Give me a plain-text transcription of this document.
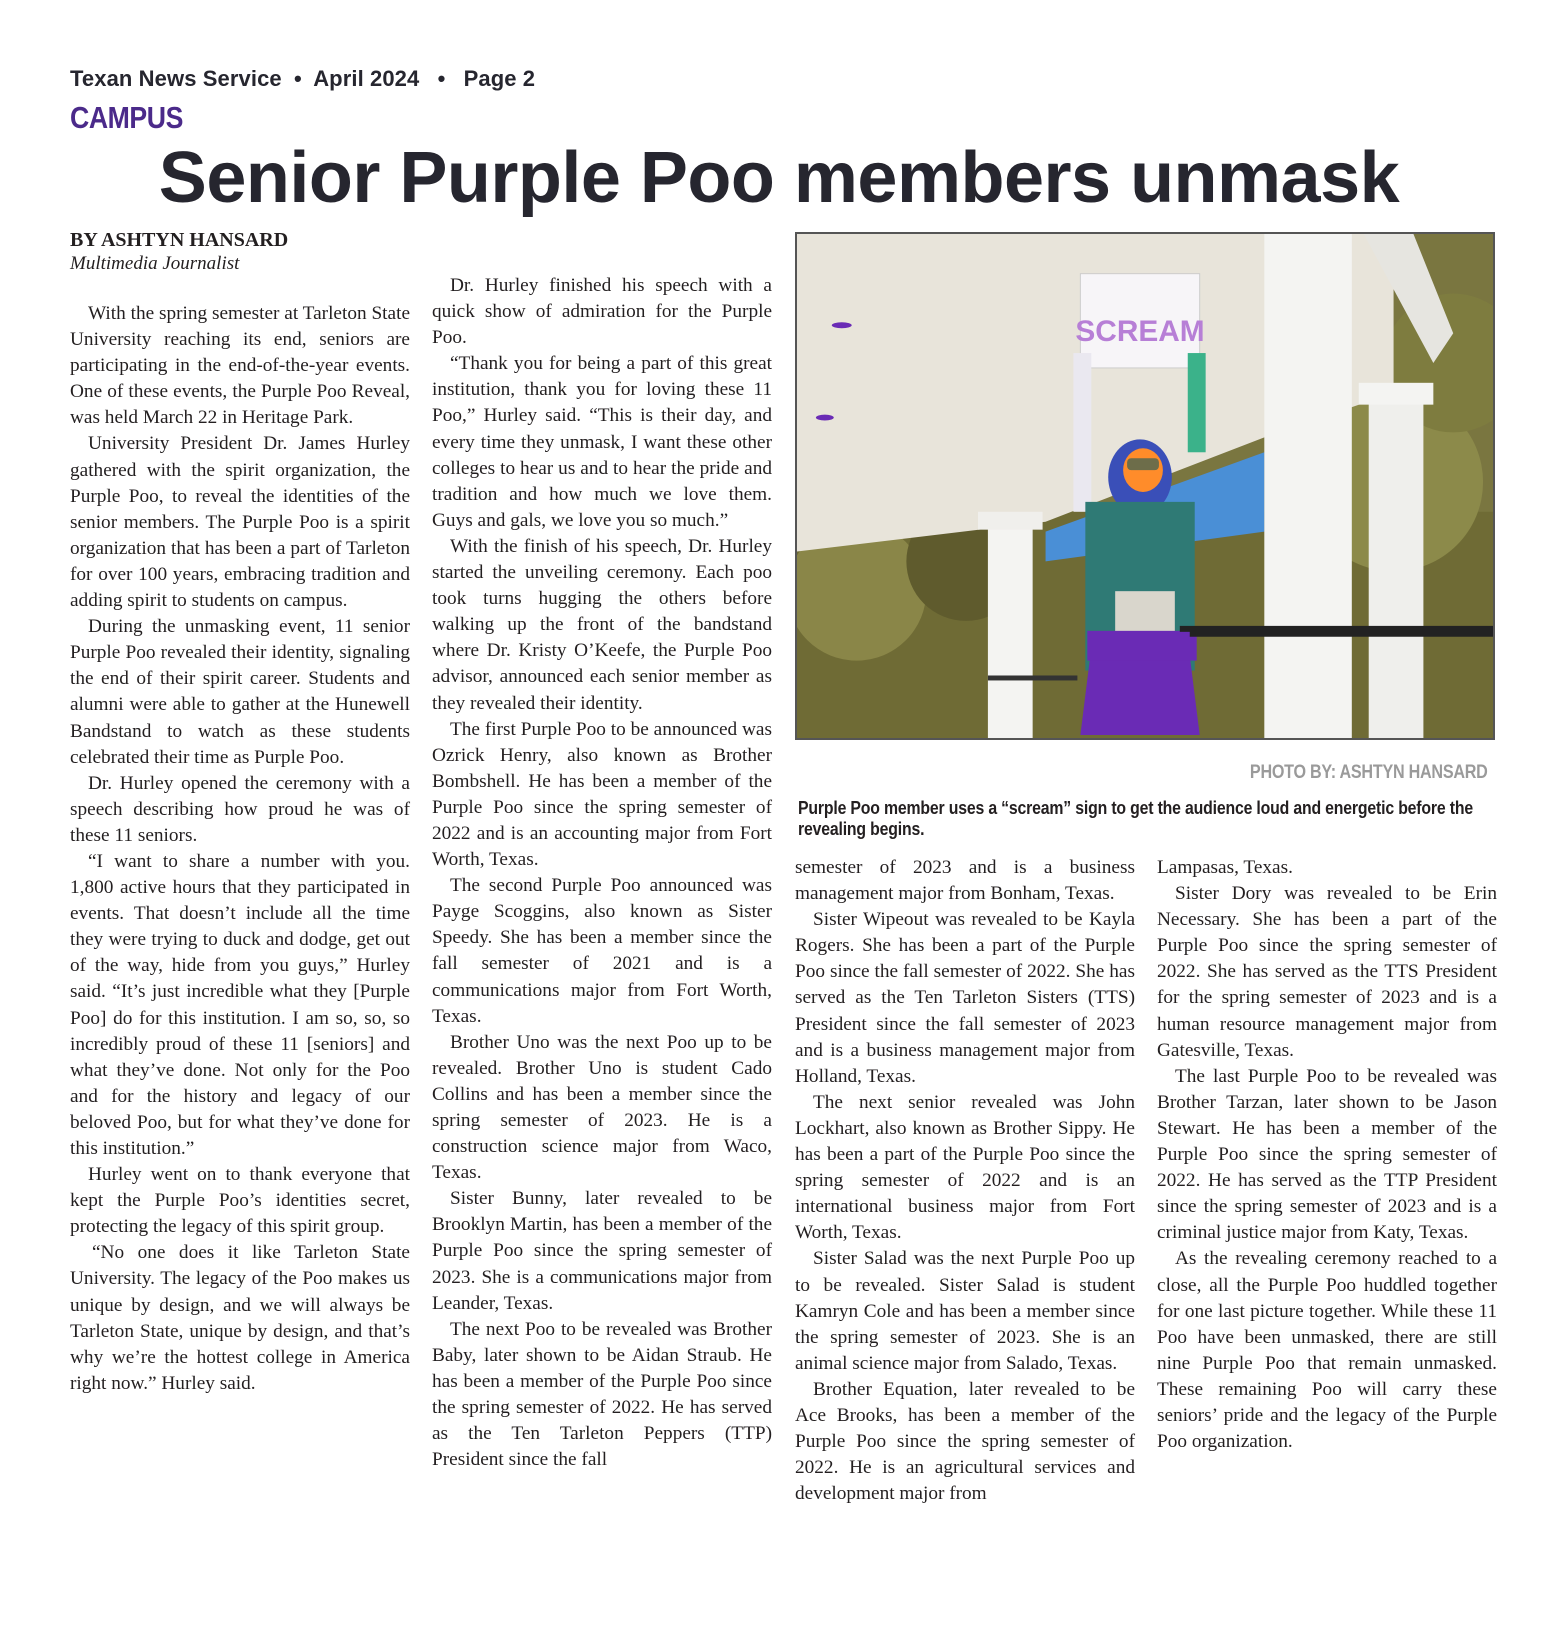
Texan News Service • April 2024 • Page 2
CAMPUS
Senior Purple Poo members unmask
BY ASHTYN HANSARD
Multimedia Journalist

With the spring semester at Tarleton State University reaching its end, seniors are participating in the end-of-the-year events. One of these events, the Purple Poo Reveal, was held March 22 in Heritage Park.

University President Dr. James Hurley gathered with the spirit organization, the Purple Poo, to reveal the identities of the senior members. The Purple Poo is a spirit organization that has been a part of Tarleton for over 100 years, embracing tradition and adding spirit to students on campus.

During the unmasking event, 11 senior Purple Poo revealed their identity, signaling the end of their spirit career. Students and alumni were able to gather at the Hunewell Bandstand to watch as these students celebrated their time as Purple Poo.

Dr. Hurley opened the ceremony with a speech describing how proud he was of these 11 seniors.

“I want to share a number with you. 1,800 active hours that they participated in events. That doesn’t include all the time they were trying to duck and dodge, get out of the way, hide from you guys,” Hurley said. “It’s just incredible what they [Purple Poo] do for this institution. I am so, so, so incredibly proud of these 11 [seniors] and what they’ve done. Not only for the Poo and for the history and legacy of our beloved Poo, but for what they’ve done for this institution.”

Hurley went on to thank everyone that kept the Purple Poo’s identities secret, protecting the legacy of this spirit group.

“No one does it like Tarleton State University. The legacy of the Poo makes us unique by design, and we will always be Tarleton State, unique by design, and that’s why we’re the hottest college in America right now.” Hurley said.

Dr. Hurley finished his speech with a quick show of admiration for the Purple Poo.

“Thank you for being a part of this great institution, thank you for loving these 11 Poo,” Hurley said. “This is their day, and every time they unmask, I want these other colleges to hear us and to hear the pride and tradition and how much we love them. Guys and gals, we love you so much.”

With the finish of his speech, Dr. Hurley started the unveiling ceremony. Each poo took turns hugging the others before walking up the front of the bandstand where Dr. Kristy O’Keefe, the Purple Poo advisor, announced each senior member as they revealed their identity.

The first Purple Poo to be announced was Ozrick Henry, also known as Brother Bombshell. He has been a member of the Purple Poo since the spring semester of 2022 and is an accounting major from Fort Worth, Texas.

The second Purple Poo announced was Payge Scoggins, also known as Sister Speedy. She has been a member since the fall semester of 2021 and is a communications major from Fort Worth, Texas.

Brother Uno was the next Poo up to be revealed. Brother Uno is student Cado Collins and has been a member since the spring semester of 2023. He is a construction science major from Waco, Texas.

Sister Bunny, later revealed to be Brooklyn Martin, has been a member of the Purple Poo since the spring semester of 2023. She is a communications major from Leander, Texas.

The next Poo to be revealed was Brother Baby, later shown to be Aidan Straub. He has been a member of the Purple Poo since the spring semester of 2022. He has served as the Ten Tarleton Peppers (TTP) President since the fall

SCREAM
PHOTO BY: ASHTYN HANSARD
Purple Poo member uses a “scream” sign to get the audience loud and energetic before the revealing begins.

semester of 2023 and is a business management major from Bonham, Texas.

Sister Wipeout was revealed to be Kayla Rogers. She has been a part of the Purple Poo since the fall semester of 2022. She has served as the Ten Tarleton Sisters (TTS) President since the fall semester of 2023 and is a business management major from Holland, Texas.

The next senior revealed was John Lockhart, also known as Brother Sippy. He has been a part of the Purple Poo since the spring semester of 2022 and is an international business major from Fort Worth, Texas.

Sister Salad was the next Purple Poo up to be revealed. Sister Salad is student Kamryn Cole and has been a member since the spring semester of 2023. She is an animal science major from Salado, Texas.

Brother Equation, later revealed to be Ace Brooks, has been a member of the Purple Poo since the spring semester of 2022. He is an agricultural services and development major from

Lampasas, Texas.

Sister Dory was revealed to be Erin Necessary. She has been a part of the Purple Poo since the spring semester of 2022. She has served as the TTS President for the spring semester of 2023 and is a human resource management major from Gatesville, Texas.

The last Purple Poo to be revealed was Brother Tarzan, later shown to be Jason Stewart. He has been a member of the Purple Poo since the spring semester of 2022. He has served as the TTP President since the spring semester of 2023 and is a criminal justice major from Katy, Texas.

As the revealing ceremony reached to a close, all the Purple Poo huddled together for one last picture together. While these 11 Poo have been unmasked, there are still nine Purple Poo that remain unmasked. These remaining Poo will carry these seniors’ pride and the legacy of the Purple Poo organization.
